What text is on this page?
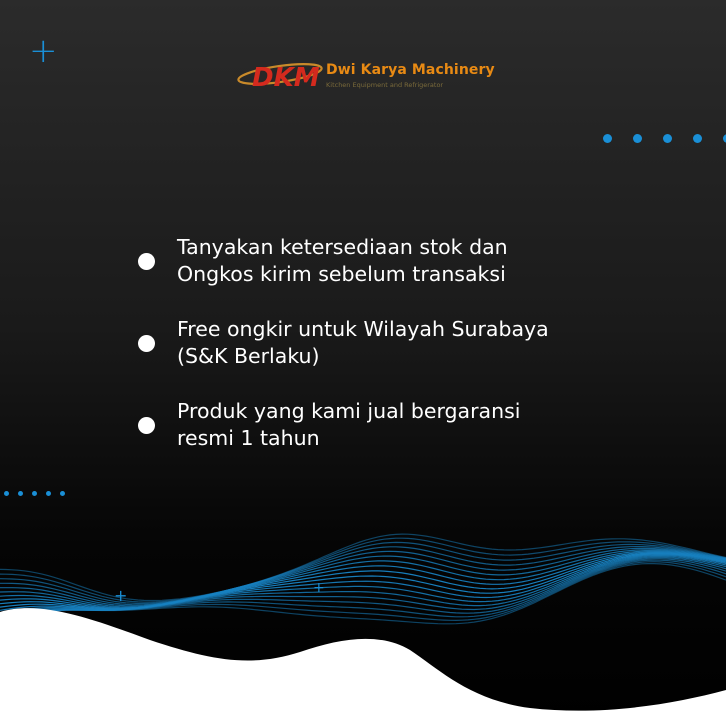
+
+	+
DKM Dwi Karya Machinery
Kitchen Equipment and Refrigerator
Tanyakan ketersediaan stok dan
Ongkos kirim sebelum transaksi
Free ongkir untuk Wilayah Surabaya
(S&K Berlaku)
Produk yang kami jual bergaransi
resmi 1 tahun
